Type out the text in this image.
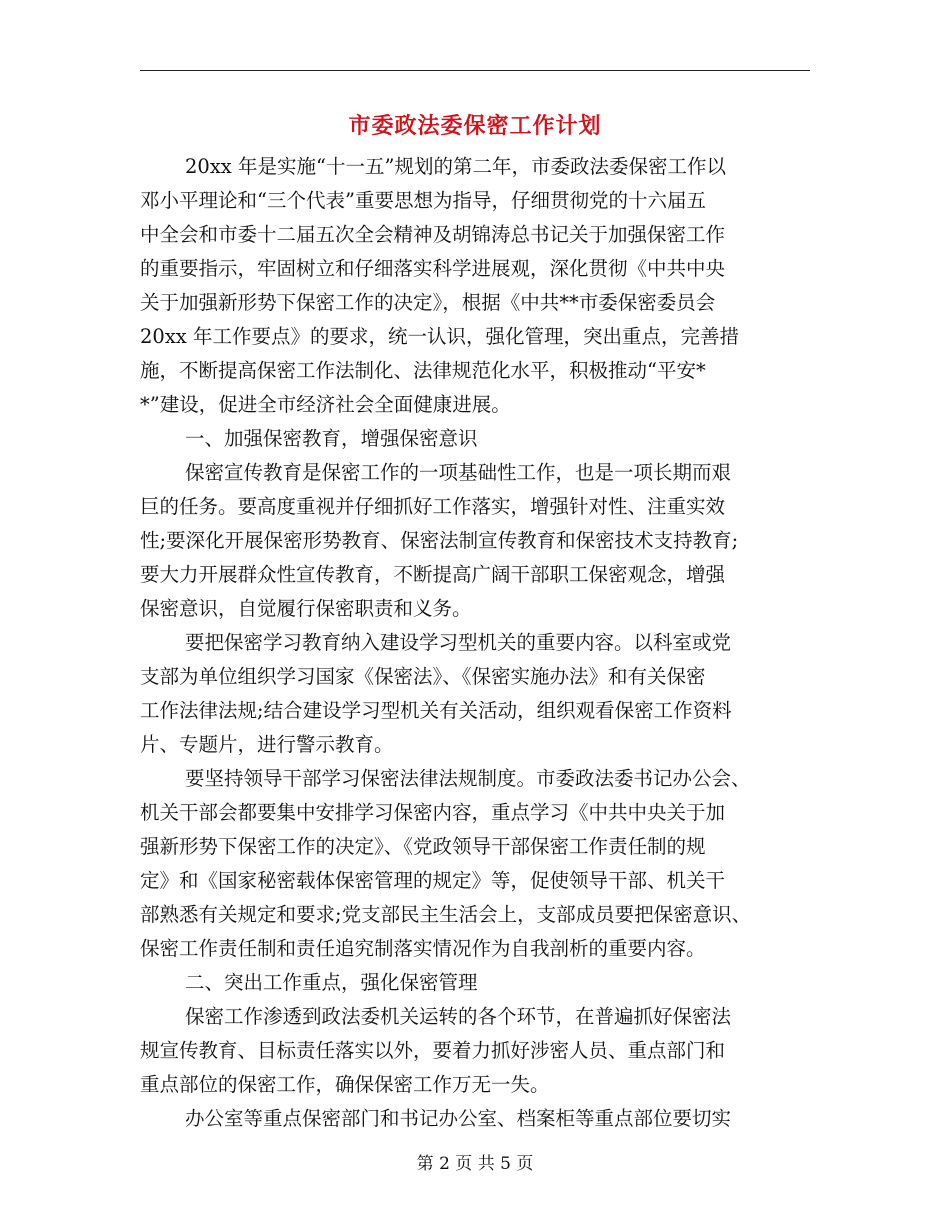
市委政法委保密工作计划
20xx 年是实施“十一五”规划的第二年，市委政法委保密工作以
邓小平理论和“三个代表”重要思想为指导，仔细贯彻党的十六届五
中全会和市委十二届五次全会精神及胡锦涛总书记关于加强保密工作
的重要指示，牢固树立和仔细落实科学进展观，深化贯彻《中共中央
关于加强新形势下保密工作的决定》，根据《中共**市委保密委员会
20xx 年工作要点》的要求，统一认识，强化管理，突出重点，完善措
施，不断提高保密工作法制化、法律规范化水平，积极推动“平安*
*”建设，促进全市经济社会全面健康进展。
一、加强保密教育，增强保密意识
保密宣传教育是保密工作的一项基础性工作，也是一项长期而艰
巨的任务。要高度重视并仔细抓好工作落实，增强针对性、注重实效
性;要深化开展保密形势教育、保密法制宣传教育和保密技术支持教育;
要大力开展群众性宣传教育，不断提高广阔干部职工保密观念，增强
保密意识，自觉履行保密职责和义务。
要把保密学习教育纳入建设学习型机关的重要内容。以科室或党
支部为单位组织学习国家《保密法》、《保密实施办法》和有关保密
工作法律法规;结合建设学习型机关有关活动，组织观看保密工作资料
片、专题片，进行警示教育。
要坚持领导干部学习保密法律法规制度。市委政法委书记办公会、
机关干部会都要集中安排学习保密内容，重点学习《中共中央关于加
强新形势下保密工作的决定》、《党政领导干部保密工作责任制的规
定》和《国家秘密载体保密管理的规定》等，促使领导干部、机关干
部熟悉有关规定和要求;党支部民主生活会上，支部成员要把保密意识、
保密工作责任制和责任追究制落实情况作为自我剖析的重要内容。
二、突出工作重点，强化保密管理
保密工作渗透到政法委机关运转的各个环节，在普遍抓好保密法
规宣传教育、目标责任落实以外，要着力抓好涉密人员、重点部门和
重点部位的保密工作，确保保密工作万无一失。
办公室等重点保密部门和书记办公室、档案柜等重点部位要切实
第 2 页 共 5 页
